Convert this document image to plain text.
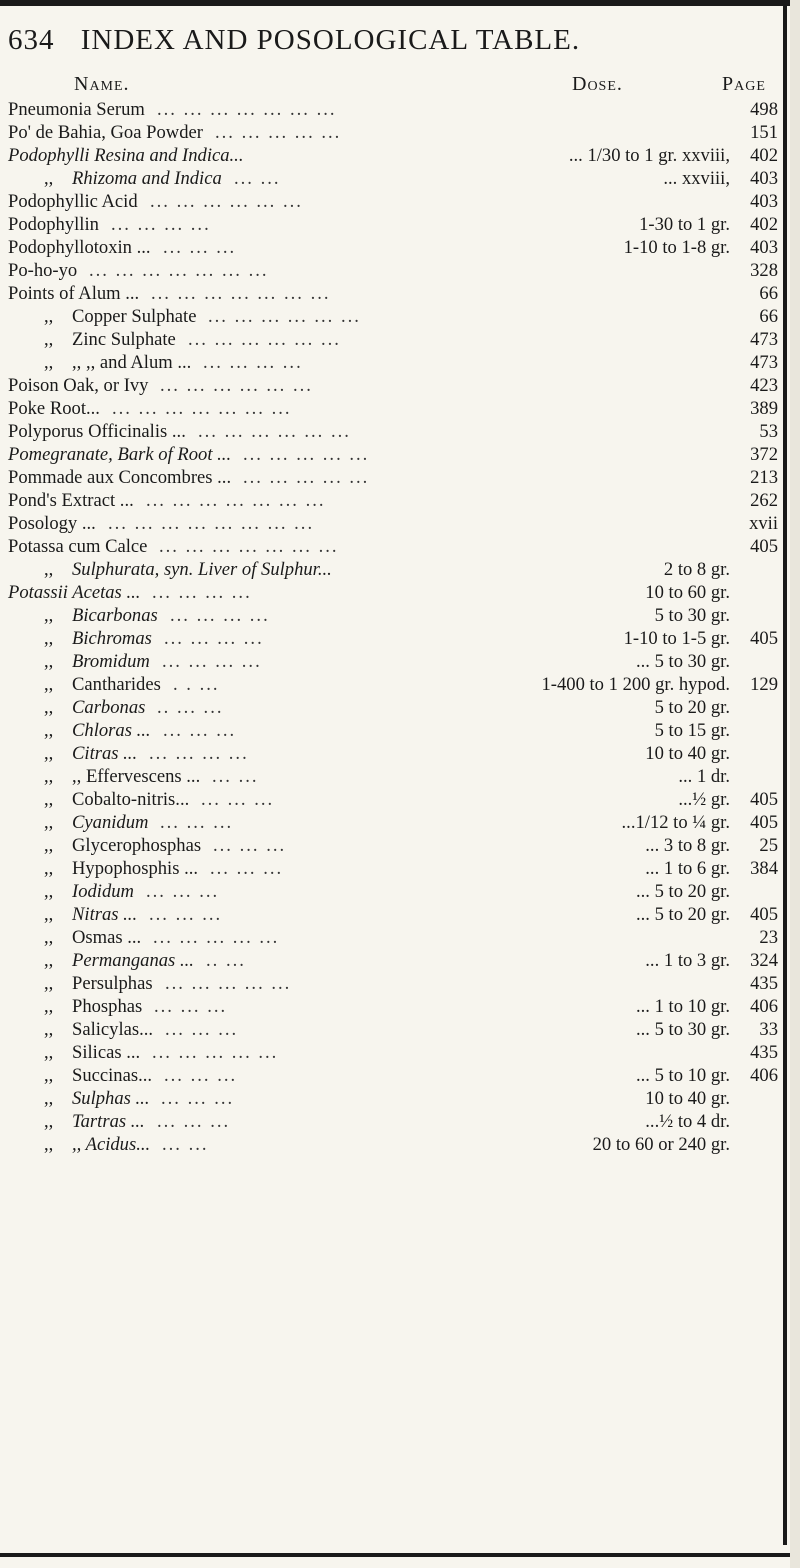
634 INDEX AND POSOLOGICAL TABLE.
Name.	Dose.	Page
Pneumonia Serum ... ... ... ... ... ... ...	498
Po' de Bahia, Goa Powder ... ... ... ... ...	151
Podophylli Resina and Indica...	... 1/30 to 1 gr. xxviii,	402
,, Rhizoma and Indica ... ...	... xxviii,	403
Podophyllic Acid ... ... ... ... ... ...	403
Podophyllin ... ... ... ...	1-30 to 1 gr.	402
Podophyllotoxin ... ... ... ...	1-10 to 1-8 gr.	403
Po-ho-yo ... ... ... ... ... ... ...	328
Points of Alum ... ... ... ... ... ... ... ...	66
,, Copper Sulphate ... ... ... ... ... ...	66
,, Zinc Sulphate ... ... ... ... ... ...	473
,, ,, ,, and Alum ... ... ... ... ...	473
Poison Oak, or Ivy ... ... ... ... ... ...	423
Poke Root... ... ... ... ... ... ... ...	389
Polyporus Officinalis ... ... ... ... ... ... ...	53
Pomegranate, Bark of Root ... ... ... ... ... ...	372
Pommade aux Concombres ... ... ... ... ... ...	213
Pond's Extract ... ... ... ... ... ... ... ...	262
Posology ... ... ... ... ... ... ... ... ...	xvii
Potassa cum Calce ... ... ... ... ... ... ...	405
,, Sulphurata, syn. Liver of Sulphur...	2 to 8 gr.
Potassii Acetas ... ... ... ... ...	10 to 60 gr.
,, Bicarbonas ... ... ... ...	5 to 30 gr.
,, Bichromas ... ... ... ...	1-10 to 1-5 gr.	405
,, Bromidum ... ... ... ...	... 5 to 30 gr.
,, Cantharides . . ...	1-400 to 1 200 gr. hypod.	129
,, Carbonas .. ... ...	5 to 20 gr.
,, Chloras ... ... ... ...	5 to 15 gr.
,, Citras ... ... ... ... ...	10 to 40 gr.
,, ,, Effervescens ... ... ...	... 1 dr.
,, Cobalto-nitris... ... ... ...	...½ gr.	405
,, Cyanidum ... ... ...	...1/12 to ¼ gr.	405
,, Glycerophosphas ... ... ...	... 3 to 8 gr.	25
,, Hypophosphis ... ... ... ...	... 1 to 6 gr.	384
,, Iodidum ... ... ...	... 5 to 20 gr.
,, Nitras ... ... ... ...	... 5 to 20 gr.	405
,, Osmas ... ... ... ... ... ...	23
,, Permanganas ... .. ...	... 1 to 3 gr.	324
,, Persulphas ... ... ... ... ...	435
,, Phosphas ... ... ...	... 1 to 10 gr.	406
,, Salicylas... ... ... ...	... 5 to 30 gr.	33
,, Silicas ... ... ... ... ... ...	435
,, Succinas... ... ... ...	... 5 to 10 gr.	406
,, Sulphas ... ... ... ...	10 to 40 gr.
,, Tartras ... ... ... ...	...½ to 4 dr.
,, ,, Acidus... ... ...	20 to 60 or 240 gr.
